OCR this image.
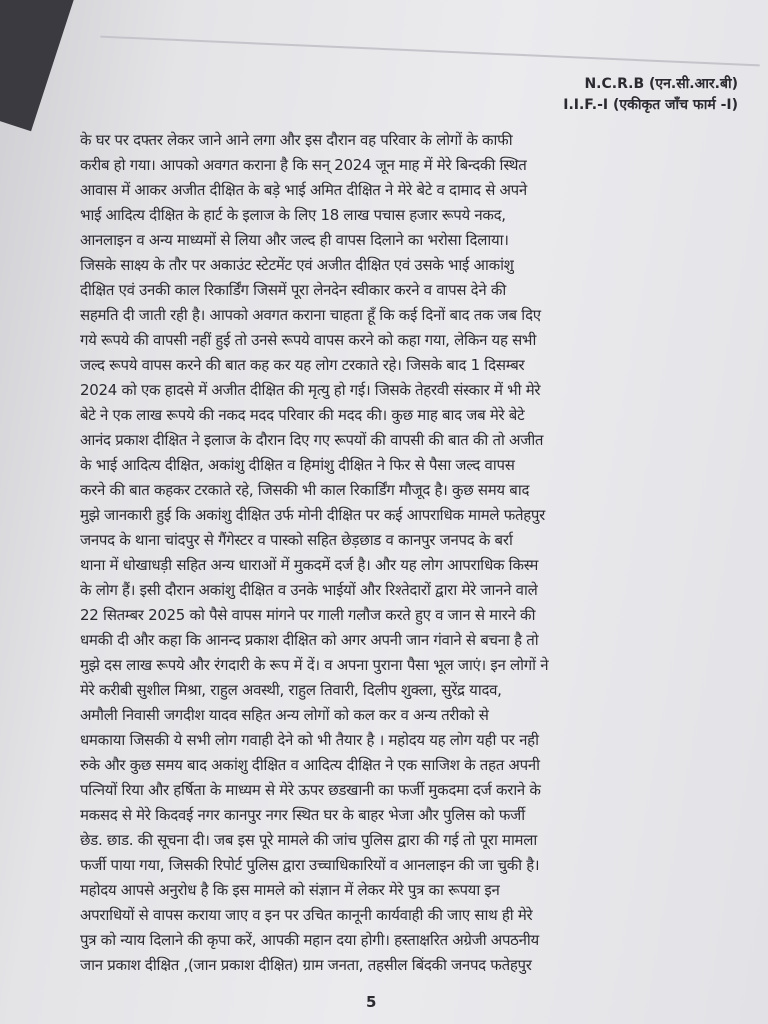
N.C.R.B (एन.सी.आर.बी)
I.I.F.-I (एकीकृत जाँच फार्म -I)
के घर पर दफ्तर लेकर जाने आने लगा और इस दौरान वह परिवार के लोगों के काफी
करीब हो गया। आपको अवगत कराना है कि सन् 2024 जून माह में मेरे बिन्दकी स्थित
आवास में आकर अजीत दीक्षित के बड़े भाई अमित दीक्षित ने मेरे बेटे व दामाद से अपने
भाई आदित्य दीक्षित के हार्ट के इलाज के लिए 18 लाख पचास हजार रूपये नकद,
आनलाइन व अन्य माध्यमों से लिया और जल्द ही वापस दिलाने का भरोसा दिलाया।
जिसके साक्ष्य के तौर पर अकाउंट स्टेटमेंट एवं अजीत दीक्षित एवं उसके भाई आकांशु
दीक्षित एवं उनकी काल रिकार्डिंग जिसमें पूरा लेनदेन स्वीकार करने व वापस देने की
सहमति दी जाती रही है। आपको अवगत कराना चाहता हूँ कि कई दिनों बाद तक जब दिए
गये रूपये की वापसी नहीं हुई तो उनसे रूपये वापस करने को कहा गया, लेकिन यह सभी
जल्द रूपये वापस करने की बात कह कर यह लोग टरकाते रहे। जिसके बाद 1 दिसम्बर
2024 को एक हादसे में अजीत दीक्षित की मृत्यु हो गई। जिसके तेहरवी संस्कार में भी मेरे
बेटे ने एक लाख रूपये की नकद मदद परिवार की मदद की। कुछ माह बाद जब मेरे बेटे
आनंद प्रकाश दीक्षित ने इलाज के दौरान दिए गए रूपयों की वापसी की बात की तो अजीत
के भाई आदित्य दीक्षित, अकांशु दीक्षित व हिमांशु दीक्षित ने फिर से पैसा जल्द वापस
करने की बात कहकर टरकाते रहे, जिसकी भी काल रिकार्डिंग मौजूद है। कुछ समय बाद
मुझे जानकारी हुई कि अकांशु दीक्षित उर्फ मोनी दीक्षित पर कई आपराधिक मामले फतेहपुर
जनपद के थाना चांदपुर से गैंगेस्टर व पास्को सहित छेड़छाड व कानपुर जनपद के बर्रा
थाना में धोखाधड़ी सहित अन्य धाराओं में मुकदमें दर्ज है। और यह लोग आपराधिक किस्म
के लोग हैं। इसी दौरान अकांशु दीक्षित व उनके भाईयों और रिश्तेदारों द्वारा मेरे जानने वाले
22 सितम्बर 2025 को पैसे वापस मांगने पर गाली गलौज करते हुए व जान से मारने की
धमकी दी और कहा कि आनन्द प्रकाश दीक्षित को अगर अपनी जान गंवाने से बचना है तो
मुझे दस लाख रूपये और रंगदारी के रूप में दें। व अपना पुराना पैसा भूल जाएं। इन लोगों ने
मेरे करीबी सुशील मिश्रा, राहुल अवस्थी, राहुल तिवारी, दिलीप शुक्ला, सुरेंद्र यादव,
अमौली निवासी जगदीश यादव सहित अन्य लोगों को कल कर व अन्य तरीको से
धमकाया जिसकी ये सभी लोग गवाही देने को भी तैयार है । महोदय यह लोग यही पर नही
रुके और कुछ समय बाद अकांशु दीक्षित व आदित्य दीक्षित ने एक साजिश के तहत अपनी
पत्नियों रिया और हर्षिता के माध्यम से मेरे ऊपर छडखानी का फर्जी मुकदमा दर्ज कराने के
मकसद से मेरे किदवई नगर कानपुर नगर स्थित घर के बाहर भेजा और पुलिस को फर्जी
छेड. छाड. की सूचना दी। जब इस पूरे मामले की जांच पुलिस द्वारा की गई तो पूरा मामला
फर्जी पाया गया, जिसकी रिपोर्ट पुलिस द्वारा उच्चाधिकारियों व आनलाइन की जा चुकी है।
महोदय आपसे अनुरोध है कि इस मामले को संज्ञान में लेकर मेरे पुत्र का रूपया इन
अपराधियों से वापस कराया जाए व इन पर उचित कानूनी कार्यवाही की जाए साथ ही मेरे
पुत्र को न्याय दिलाने की कृपा करें, आपकी महान दया होगी। हस्ताक्षरित अग्रेजी अपठनीय
जान प्रकाश दीक्षित ,(जान प्रकाश दीक्षित) ग्राम जनता, तहसील बिंदकी जनपद फतेहपुर
5
